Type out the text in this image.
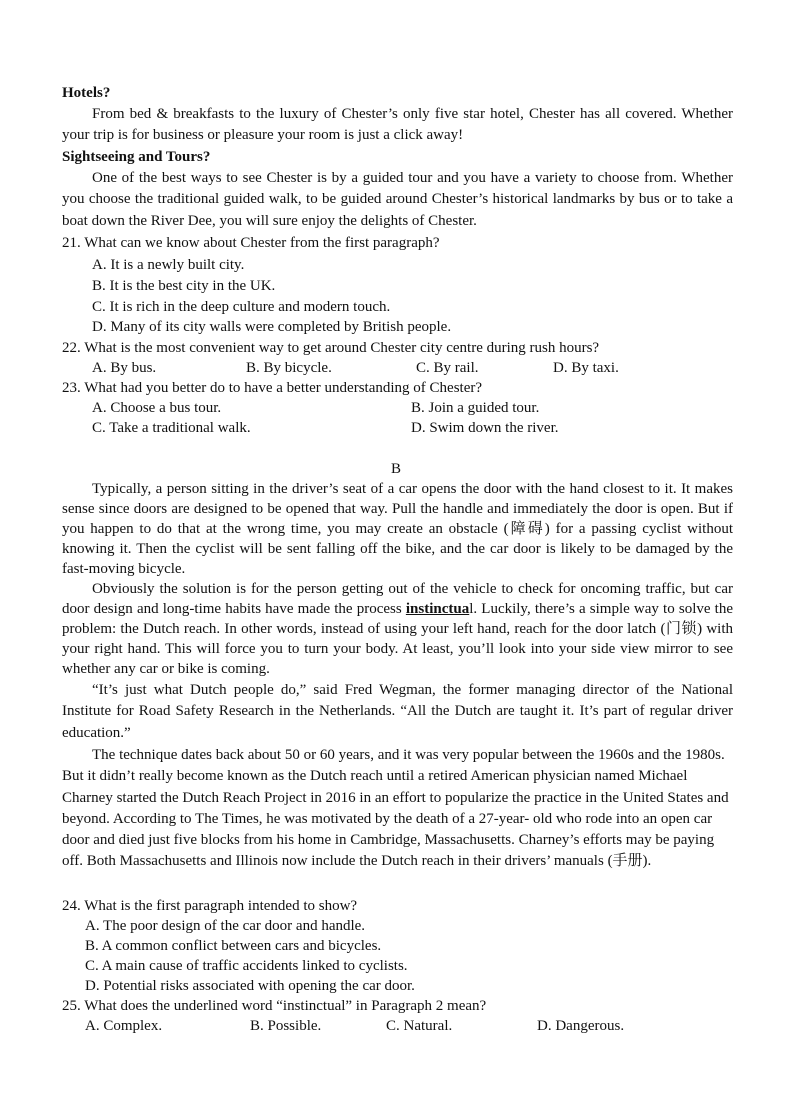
Hotels?
From bed & breakfasts to the luxury of Chester’s only five star hotel, Chester has all covered. Whether your trip is for business or pleasure your room is just a click away!
Sightseeing and Tours?
One of the best ways to see Chester is by a guided tour and you have a variety to choose from. Whether you choose the traditional guided walk, to be guided around Chester’s historical landmarks by bus or to take a boat down the River Dee, you will sure enjoy the delights of Chester.
21. What can we know about Chester from the first paragraph?
A. It is a newly built city.
B. It is the best city in the UK.
C. It is rich in the deep culture and modern touch.
D. Many of its city walls were completed by British people.
22. What is the most convenient way to get around Chester city centre during rush hours?
A. By bus.	B. By bicycle.	C. By rail.	D. By taxi.
23. What had you better do to have a better understanding of Chester?
A. Choose a bus tour.	B. Join a guided tour.
C. Take a traditional walk.	D. Swim down the river.
B
Typically, a person sitting in the driver’s seat of a car opens the door with the hand closest to it. It makes sense since doors are designed to be opened that way. Pull the handle and immediately the door is open. But if you happen to do that at the wrong time, you may create an obstacle (障碍) for a passing cyclist without knowing it. Then the cyclist will be sent falling off the bike, and the car door is likely to be damaged by the fast-moving bicycle.
Obviously the solution is for the person getting out of the vehicle to check for oncoming traffic, but car door design and long-time habits have made the process instinctual. Luckily, there’s a simple way to solve the problem: the Dutch reach. In other words, instead of using your left hand, reach for the door latch (门锁) with your right hand. This will force you to turn your body. At least, you’ll look into your side view mirror to see whether any car or bike is coming.
“It’s just what Dutch people do,” said Fred Wegman, the former managing director of the National Institute for Road Safety Research in the Netherlands. “All the Dutch are taught it. It’s part of regular driver education.”
The technique dates back about 50 or 60 years, and it was very popular between the 1960s and the 1980s. But it didn’t really become known as the Dutch reach until a retired American physician named Michael Charney started the Dutch Reach Project in 2016 in an effort to popularize the practice in the United States and beyond. According to The Times, he was motivated by the death of a 27-year- old who rode into an open car door and died just five blocks from his home in Cambridge, Massachusetts. Charney’s efforts may be paying off. Both Massachusetts and Illinois now include the Dutch reach in their drivers’ manuals (手册).
24. What is the first paragraph intended to show?
A. The poor design of the car door and handle.
B. A common conflict between cars and bicycles.
C. A main cause of traffic accidents linked to cyclists.
D. Potential risks associated with opening the car door.
25. What does the underlined word “instinctual” in Paragraph 2 mean?
A. Complex.	B. Possible.	C. Natural.	D. Dangerous.
